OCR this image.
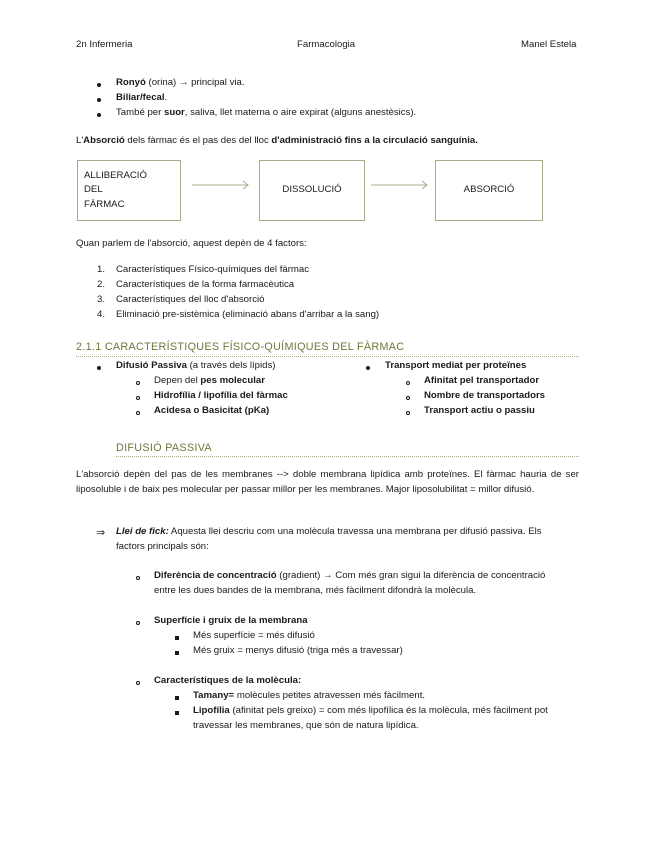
2n Infermeria	Farmacologia	Manel Estela
Ronyó (orina) → principal via.
Biliar/fecal.
També per suor, saliva, llet materna o aire expirat (alguns anestèsics).
L'Absorció dels fàrmac és el pas des del lloc d'administració fins a la circulació sanguínia.
ALLIBERACIÓ DEL
FÀRMAC
DISSOLUCIÓ	ABSORCIÓ
Quan parlem de l'absorció, aquest depèn de 4 factors:
1. Característiques Físico-químiques del fàrmac
2. Característiques de la forma farmacèutica
3. Característiques del lloc d'absorció
4. Eliminació pre-sistèmica (eliminació abans d'arribar a la sang)
2.1.1 CARACTERÍSTIQUES FÍSICO-QUÍMIQUES DEL FÀRMAC
Difusió Passiva (a través dels lípids)
Depen del pes molecular
Hidrofília / lipofília del fàrmac
Acidesa o Basicitat (pKa)
Transport mediat per proteïnes
Afinitat pel transportador
Nombre de transportadors
Transport actiu o passiu
DIFUSIÓ PASSIVA
L'absorció depèn del pas de les membranes --> doble membrana lipídica amb proteïnes. El fàrmac hauria de ser liposoluble i de baix pes molecular per passar millor per les membranes. Major liposolubilitat = millor difusió.
⇒ Llei de fick: Aquesta llei descriu com una molècula travessa una membrana per difusió passiva. Els
factors principals són:
Diferència de concentració (gradient) → Com més gran sigui la diferència de concentració
entre les dues bandes de la membrana, més fàcilment difondrà la molècula.
Superfície i gruix de la membrana
Més superfície = més difusió
Més gruix = menys difusió (triga més a travessar)
Característiques de la molècula:
Tamany= molècules petites atravessen més fàcilment.
Lipofília (afinitat pels greixo) = com més lipofílica és la molècula, més fàcilment pot
travessar les membranes, que són de natura lipídica.
